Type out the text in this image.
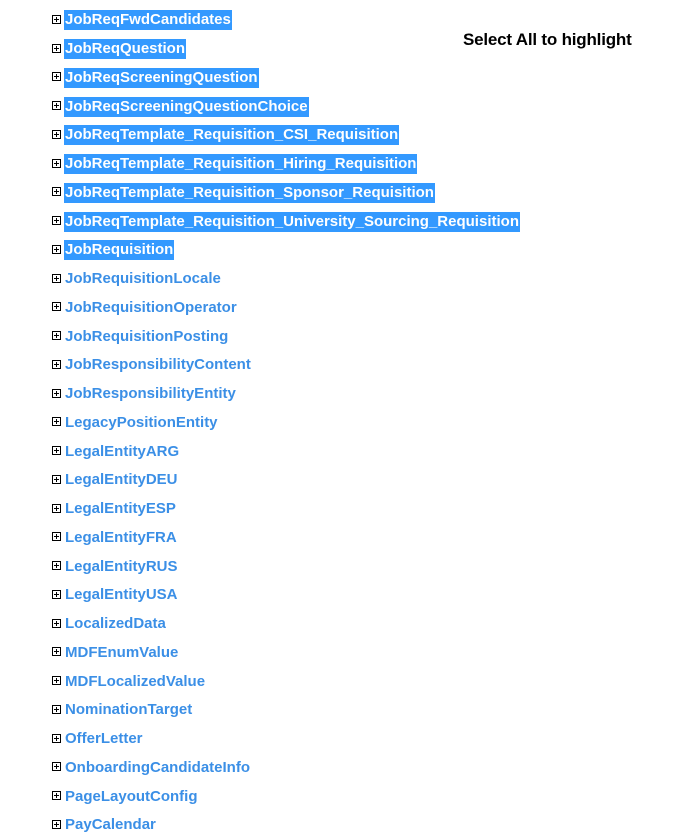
Select All to highlight
JobReqFwdCandidates
JobReqQuestion
JobReqScreeningQuestion
JobReqScreeningQuestionChoice
JobReqTemplate_Requisition_CSI_Requisition
JobReqTemplate_Requisition_Hiring_Requisition
JobReqTemplate_Requisition_Sponsor_Requisition
JobReqTemplate_Requisition_University_Sourcing_Requisition
JobRequisition
JobRequisitionLocale
JobRequisitionOperator
JobRequisitionPosting
JobResponsibilityContent
JobResponsibilityEntity
LegacyPositionEntity
LegalEntityARG
LegalEntityDEU
LegalEntityESP
LegalEntityFRA
LegalEntityRUS
LegalEntityUSA
LocalizedData
MDFEnumValue
MDFLocalizedValue
NominationTarget
OfferLetter
OnboardingCandidateInfo
PageLayoutConfig
PayCalendar
